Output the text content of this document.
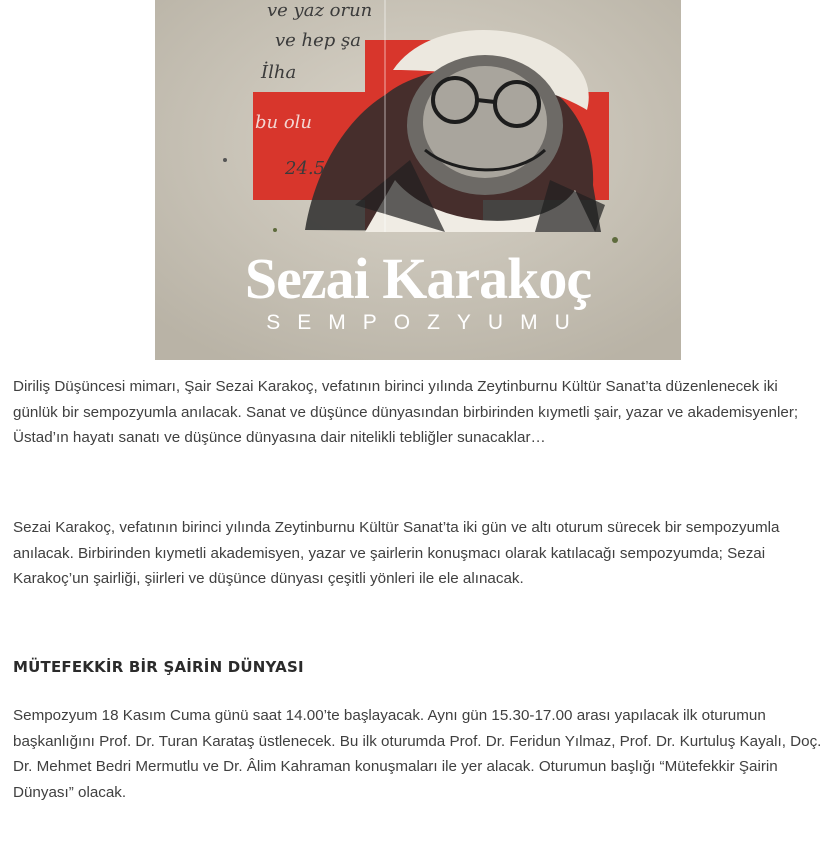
ve yaz orun
ve hep şa
İlha
bu olu
24.5
Sezai Karakoç
SEMPOZYUMU

Diriliş Düşüncesi mimarı, Şair Sezai Karakoç, vefatının birinci yılında Zeytinburnu Kültür Sanat’ta düzenlenecek iki günlük bir sempozyumla anılacak. Sanat ve düşünce dünyasından birbirinden kıymetli şair, yazar ve akademisyenler; Üstad’ın hayatı sanatı ve düşünce dünyasına dair nitelikli tebliğler sunacaklar…

Sezai Karakoç, vefatının birinci yılında Zeytinburnu Kültür Sanat’ta iki gün ve altı oturum sürecek bir sempozyumla anılacak. Birbirinden kıymetli akademisyen, yazar ve şairlerin konuşmacı olarak katılacağı sempozyumda; Sezai Karakoç’un şairliği, şiirleri ve düşünce dünyası çeşitli yönleri ile ele alınacak.

MÜTEFEKKİR BİR ŞAİRİN DÜNYASI

Sempozyum 18 Kasım Cuma günü saat 14.00’te başlayacak. Aynı gün 15.30-17.00 arası yapılacak ilk oturumun başkanlığını Prof. Dr. Turan Karataş üstlenecek. Bu ilk oturumda Prof. Dr. Feridun Yılmaz, Prof. Dr. Kurtuluş Kayalı, Doç. Dr. Mehmet Bedri Mermutlu ve Dr. Âlim Kahraman konuşmaları ile yer alacak. Oturumun başlığı “Mütefekkir Şairin Dünyası” olacak.
